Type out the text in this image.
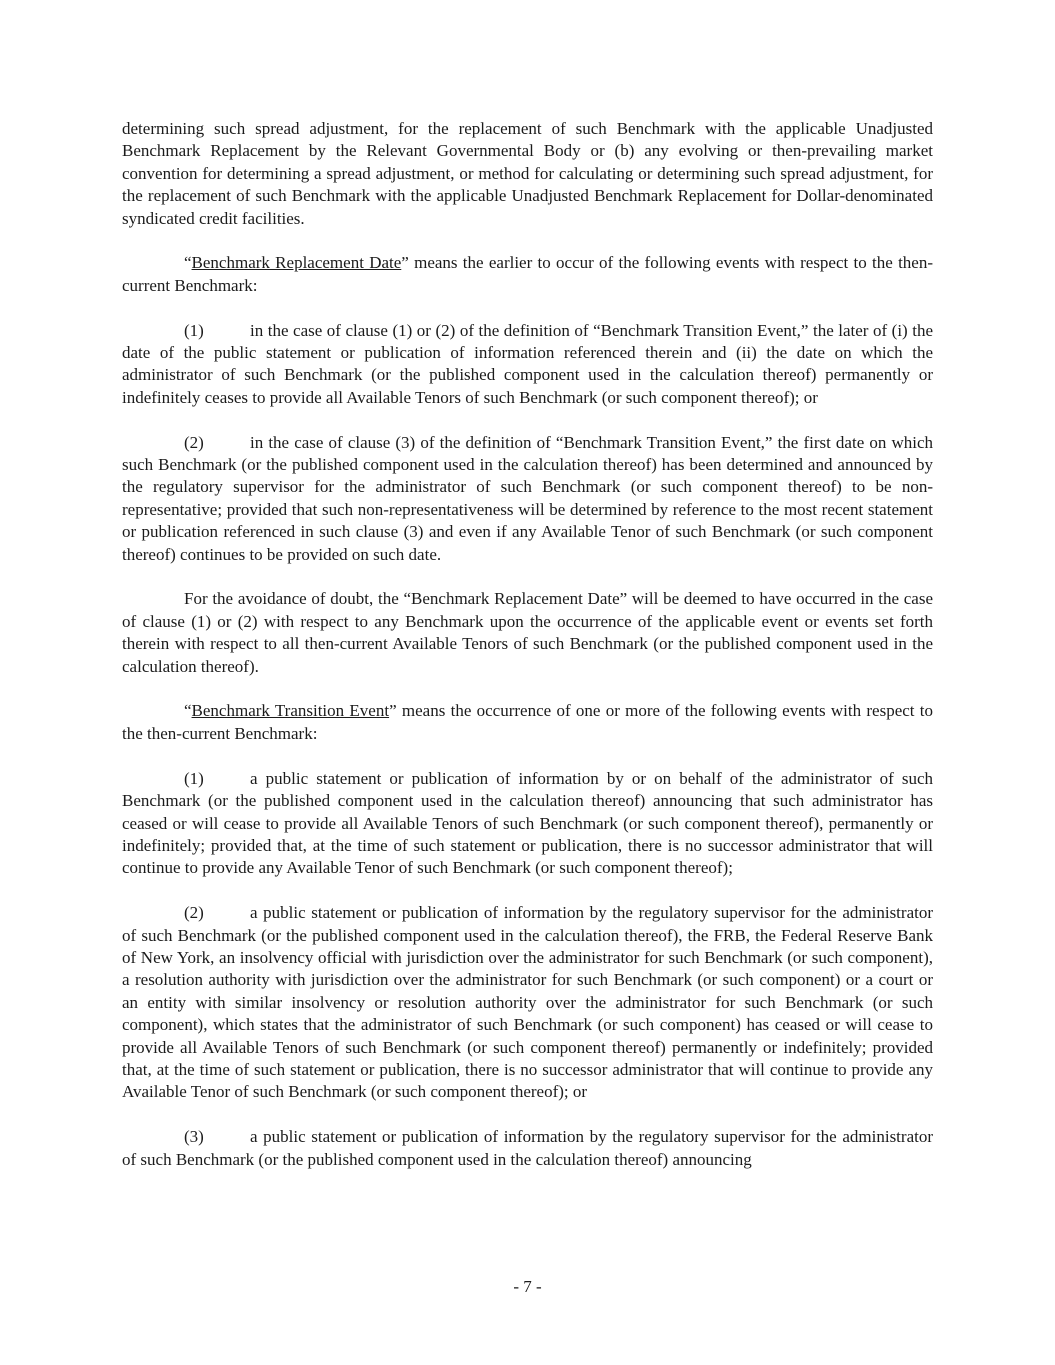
determining such spread adjustment, for the replacement of such Benchmark with the applicable Unadjusted Benchmark Replacement by the Relevant Governmental Body or (b) any evolving or then-prevailing market convention for determining a spread adjustment, or method for calculating or determining such spread adjustment, for the replacement of such Benchmark with the applicable Unadjusted Benchmark Replacement for Dollar-denominated syndicated credit facilities.

“Benchmark Replacement Date” means the earlier to occur of the following events with respect to the then-current Benchmark:

(1)	in the case of clause (1) or (2) of the definition of “Benchmark Transition Event,” the later of (i) the date of the public statement or publication of information referenced therein and (ii) the date on which the administrator of such Benchmark (or the published component used in the calculation thereof) permanently or indefinitely ceases to provide all Available Tenors of such Benchmark (or such component thereof); or

(2)	in the case of clause (3) of the definition of “Benchmark Transition Event,” the first date on which such Benchmark (or the published component used in the calculation thereof) has been determined and announced by the regulatory supervisor for the administrator of such Benchmark (or such component thereof) to be non-representative; provided that such non-representativeness will be determined by reference to the most recent statement or publication referenced in such clause (3) and even if any Available Tenor of such Benchmark (or such component thereof) continues to be provided on such date.

For the avoidance of doubt, the “Benchmark Replacement Date” will be deemed to have occurred in the case of clause (1) or (2) with respect to any Benchmark upon the occurrence of the applicable event or events set forth therein with respect to all then-current Available Tenors of such Benchmark (or the published component used in the calculation thereof).

“Benchmark Transition Event” means the occurrence of one or more of the following events with respect to the then-current Benchmark:

(1)	a public statement or publication of information by or on behalf of the administrator of such Benchmark (or the published component used in the calculation thereof) announcing that such administrator has ceased or will cease to provide all Available Tenors of such Benchmark (or such component thereof), permanently or indefinitely; provided that, at the time of such statement or publication, there is no successor administrator that will continue to provide any Available Tenor of such Benchmark (or such component thereof);

(2)	a public statement or publication of information by the regulatory supervisor for the administrator of such Benchmark (or the published component used in the calculation thereof), the FRB, the Federal Reserve Bank of New York, an insolvency official with jurisdiction over the administrator for such Benchmark (or such component), a resolution authority with jurisdiction over the administrator for such Benchmark (or such component) or a court or an entity with similar insolvency or resolution authority over the administrator for such Benchmark (or such component), which states that the administrator of such Benchmark (or such component) has ceased or will cease to provide all Available Tenors of such Benchmark (or such component thereof) permanently or indefinitely; provided that, at the time of such statement or publication, there is no successor administrator that will continue to provide any Available Tenor of such Benchmark (or such component thereof); or

(3)	a public statement or publication of information by the regulatory supervisor for the administrator of such Benchmark (or the published component used in the calculation thereof) announcing

- 7 -
